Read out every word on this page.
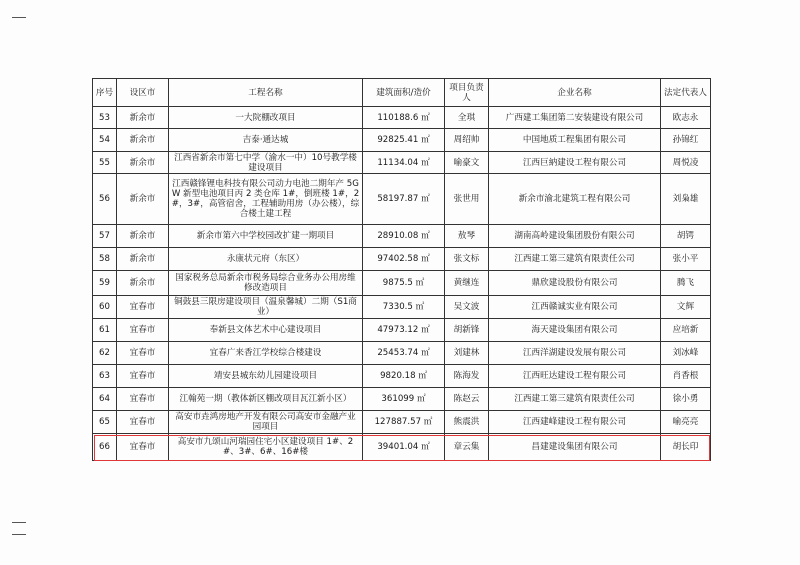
序号	设区市	工程名称	建筑面积/造价	项目负责人	企业名称	法定代表人
53	新余市	一大院棚改项目	110188.6 ㎡	全琪	广西建工集团第二安装建设有限公司	欧志永
54	新余市	吉泰·通达城	92825.41 ㎡	周绍帅	中国地质工程集团有限公司	孙锦红
55	新余市	江西省新余市第七中学（渝水一中）10号教学楼建设项目	11134.04 ㎡	喻豪文	江西巨納建设工程有限公司	周悦凌
56	新余市	江西赣锋锂电科技有限公司动力电池二期年产 5GW 新型电池项目丙 2 类仓库 1#，倒班楼 1#，2#，3#，高管宿舍，工程辅助用房（办公楼），综合楼土建工程	58197.87 ㎡	张世用	新余市渝北建筑工程有限公司	刘枭雄
57	新余市	新余市第六中学校园改扩建一期项目	28910.08 ㎡	敖琴	湖南高岭建设集团股份有限公司	胡锷
58	新余市	永康状元府（东区）	97402.58 ㎡	张文标	江西建工第三建筑有限责任公司	张小平
59	新余市	国家税务总局新余市税务局综合业务办公用房维修改造项目	9875.5 ㎡	黄继连	鼎欣建设股份有限公司	腾飞
60	宜春市	铜鼓县三限房建设项目（温泉馨城）二期（S1商业）	7330.5 ㎡	吴文波	江西赣诚实业有限公司	文辉
61	宜春市	奉新县文体艺术中心建设项目	47973.12 ㎡	胡新锋	海天建设集团有限公司	应培新
62	宜春市	宜春广来香江学校综合楼建设	25453.74 ㎡	刘建林	江西洋湖建设发展有限公司	刘冰峰
63	宜春市	靖安县城东幼儿园建设项目	9820.18 ㎡	陈海发	江西旺达建设工程有限公司	肖香根
64	宜春市	江翰苑一期（教体新区棚改项目瓦江新小区）	361099 ㎡	陈赵云	江西建工第三建筑有限责任公司	徐小勇
65	宜春市	高安市垚鸿房地产开发有限公司高安市金融产业园项目	127887.57 ㎡	熊震洪	江西建峰建设工程有限公司	喻亮亮
66	宜春市	高安市九颂山河瑞园住宅小区建设项目 1#、2#、3#、6#、16#楼	39401.04 ㎡	章云集	昌建建设集团有限公司	胡长印
